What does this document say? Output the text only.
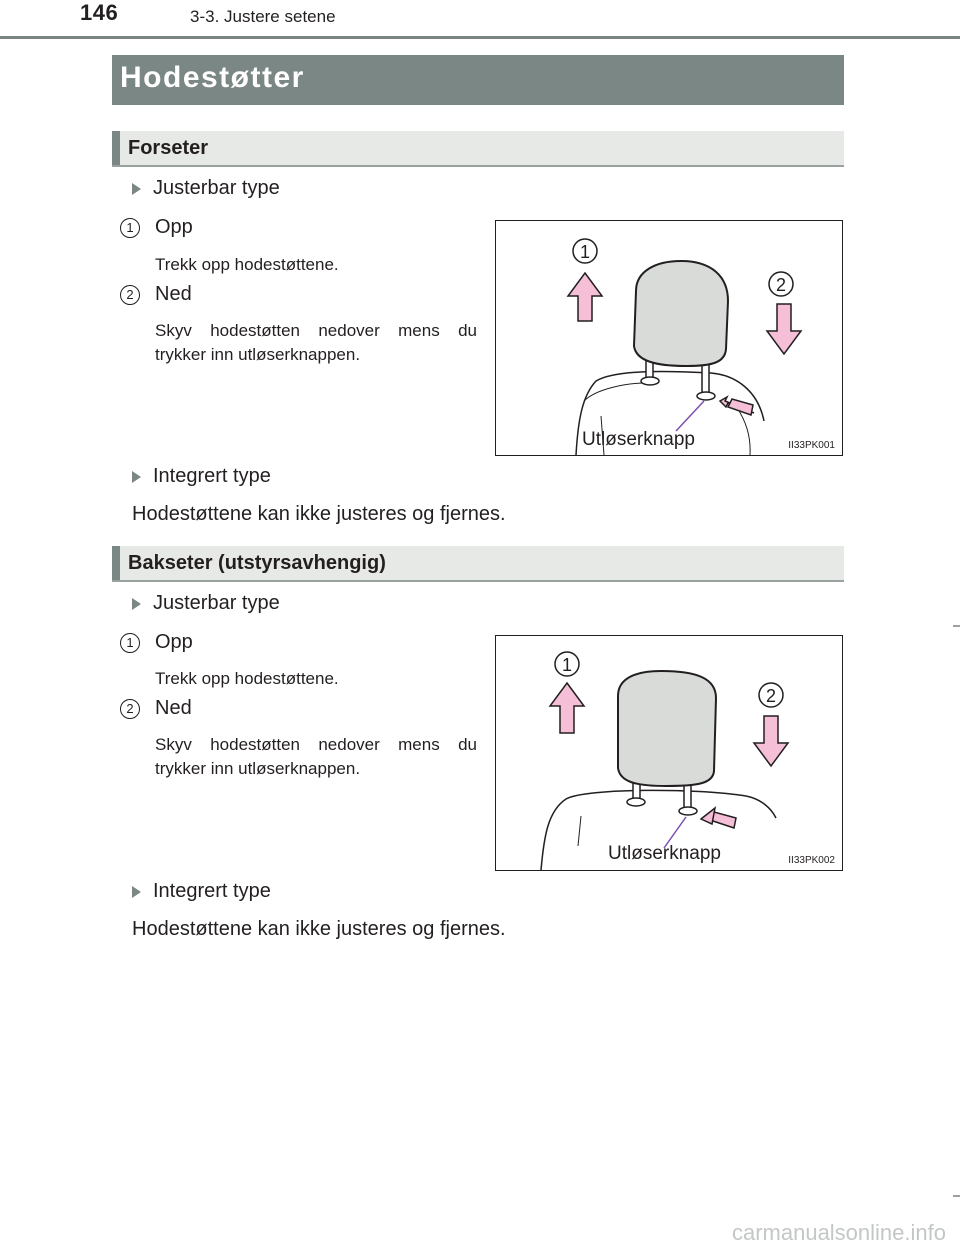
146	3-3. Justere setene
Hodestøtter
Forseter
Justerbar type
1	Opp
Trekk opp hodestøttene.
2	Ned
Skyv hodestøtten nedover mens du trykker inn utløserknappen.
1
2
Utløserknapp	II33PK001
Integrert type
Hodestøttene kan ikke justeres og fjernes.
Bakseter (utstyrsavhengig)
Justerbar type
1	Opp
Trekk opp hodestøttene.
2	Ned
Skyv hodestøtten nedover mens du trykker inn utløserknappen.
1
2
Utløserknapp	II33PK002
Integrert type
Hodestøttene kan ikke justeres og fjernes.
carmanualsonline.info
